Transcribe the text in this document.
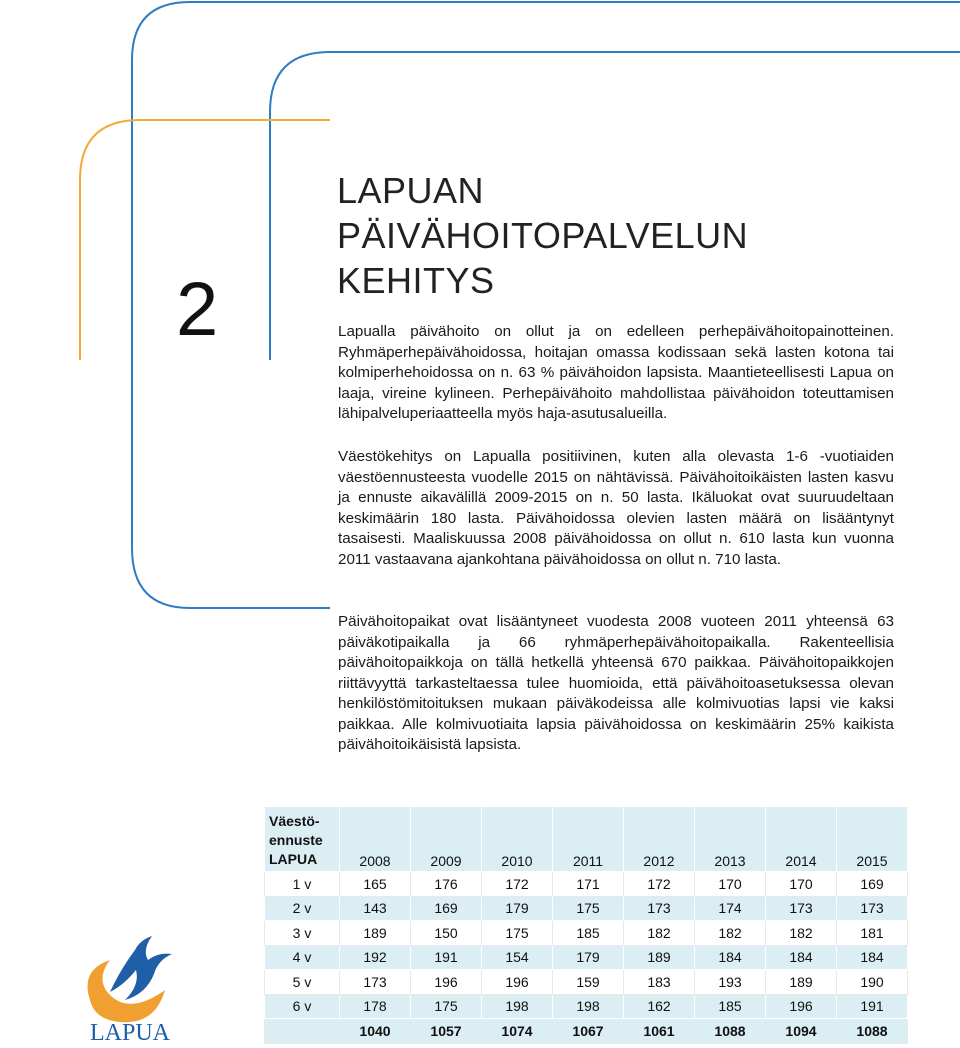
2
LAPUAN
PÄIVÄHOITOPALVELUN
KEHITYS

Lapualla päivähoito on ollut ja on edelleen perhepäivähoitopainotteinen. Ryhmäperhepäivähoidossa, hoitajan omassa kodissaan sekä lasten kotona tai kolmiperhehoidossa on n. 63 % päivähoidon lapsista. Maantieteellisesti Lapua on laaja, vireine kylineen. Perhepäivähoito mahdollistaa päivähoidon toteuttamisen lähipalveluperiaatteella myös haja-asutusalueilla.

Väestökehitys on Lapualla positiivinen, kuten alla olevasta 1-6 -vuotiaiden väestöennusteesta vuodelle 2015 on nähtävissä. Päivähoitoikäisten lasten kasvu ja ennuste aikavälillä 2009-2015 on n. 50 lasta. Ikäluokat ovat suuruudeltaan keskimäärin 180 lasta. Päivähoidossa olevien lasten määrä on lisääntynyt tasaisesti. Maaliskuussa 2008 päivähoidossa on ollut n. 610 lasta kun vuonna 2011 vastaavana ajankohtana päivähoidossa on ollut n. 710 lasta.

Päivähoitopaikat ovat lisääntyneet vuodesta 2008 vuoteen 2011 yhteensä 63 päiväkotipaikalla ja 66 ryhmäperhepäivähoitopaikalla. Rakenteellisia päivähoitopaikkoja on tällä hetkellä yhteensä 670 paikkaa. Päivähoitopaikkojen riittävyyttä tarkasteltaessa tulee huomioida, että päivähoitoasetuksessa olevan henkilöstömitoituksen mukaan päiväkodeissa alle kolmivuotias lapsi vie kaksi paikkaa. Alle kolmivuotiaita lapsia päivähoidossa on keskimäärin 25% kaikista päivähoitoikäisistä lapsista.

Väestö-
ennuste
LAPUA	2008	2009	2010	2011	2012	2013	2014	2015
1 v	165	176	172	171	172	170	170	169
2 v	143	169	179	175	173	174	173	173
3 v	189	150	175	185	182	182	182	181
4 v	192	191	154	179	189	184	184	184
5 v	173	196	196	159	183	193	189	190
6 v	178	175	198	198	162	185	196	191
	1040	1057	1074	1067	1061	1088	1094	1088
LAPUA
